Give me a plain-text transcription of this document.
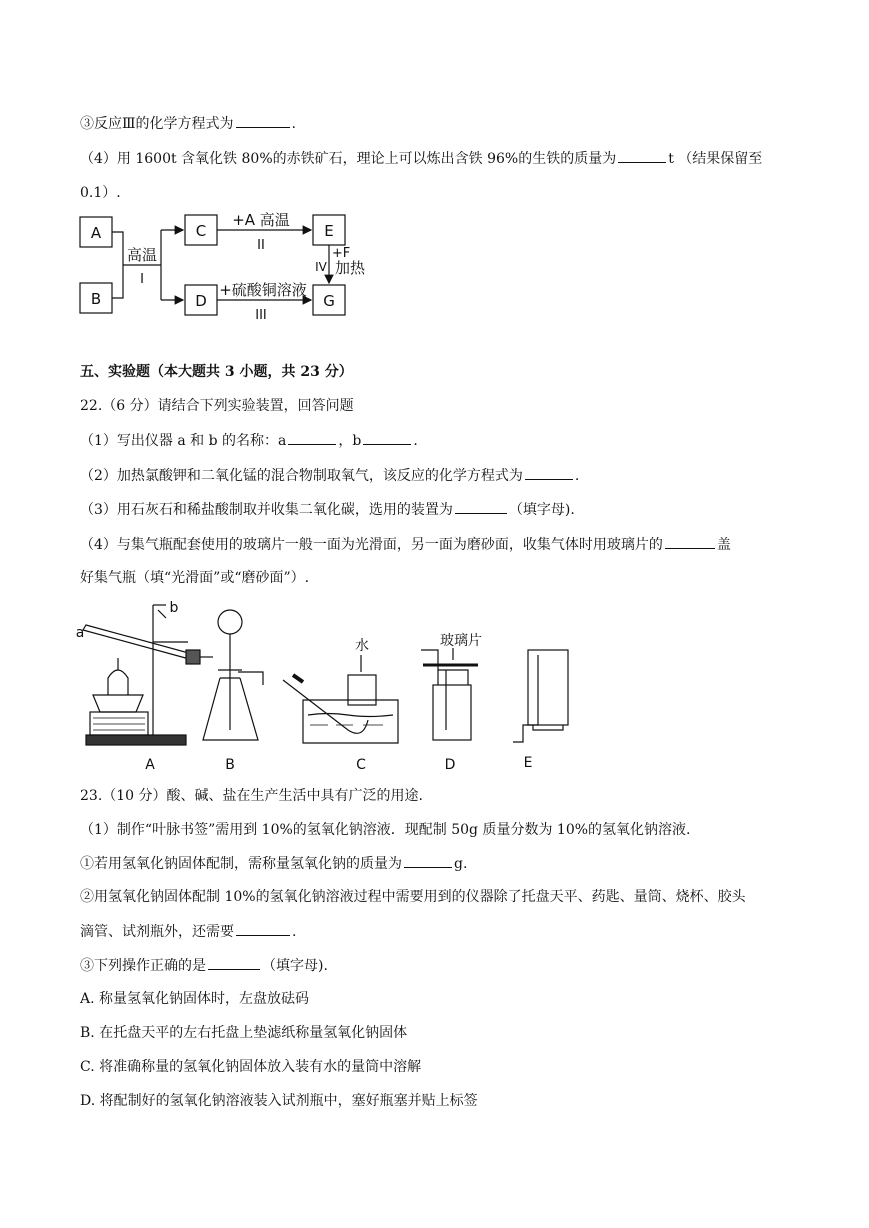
③反应Ⅲ的化学方程式为	.
（4）用 1600t 含氧化铁 80%的赤铁矿石，理论上可以炼出含铁 96%的生铁的质量为	t （结果保留至
0.1）.
A
B
C
D
E
G
高温
I
+A 高温
II
+硫酸铜溶液
III
+F
IV 加热
五、实验题（本大题共 3 小题，共 23 分）
22.（6 分）请结合下列实验装置，回答问题
（1）写出仪器 a 和 b 的名称：a	，b	.
（2）加热氯酸钾和二氧化锰的混合物制取氧气，该反应的化学方程式为	.
（3）用石灰石和稀盐酸制取并收集二氧化碳，选用的装置为	（填字母).
（4）与集气瓶配套使用的玻璃片一般一面为光滑面，另一面为磨砂面，收集气体时用玻璃片的	盖
好集气瓶（填“光滑面”或“磨砂面”）.
a
b
水	玻璃片
A	B	C	D	E
23.（10 分）酸、碱、盐在生产生活中具有广泛的用途.
（1）制作“叶脉书签”需用到 10%的氢氧化钠溶液．现配制 50g 质量分数为 10%的氢氧化钠溶液.
①若用氢氧化钠固体配制，需称量氢氧化钠的质量为	g.
②用氢氧化钠固体配制 10%的氢氧化钠溶液过程中需要用到的仪器除了托盘天平、药匙、量筒、烧杯、胶头
滴管、试剂瓶外，还需要	.
③下列操作正确的是	（填字母).
A. 称量氢氧化钠固体时，左盘放砝码
B. 在托盘天平的左右托盘上垫滤纸称量氢氧化钠固体
C. 将准确称量的氢氧化钠固体放入装有水的量筒中溶解
D. 将配制好的氢氧化钠溶液装入试剂瓶中，塞好瓶塞并贴上标签
